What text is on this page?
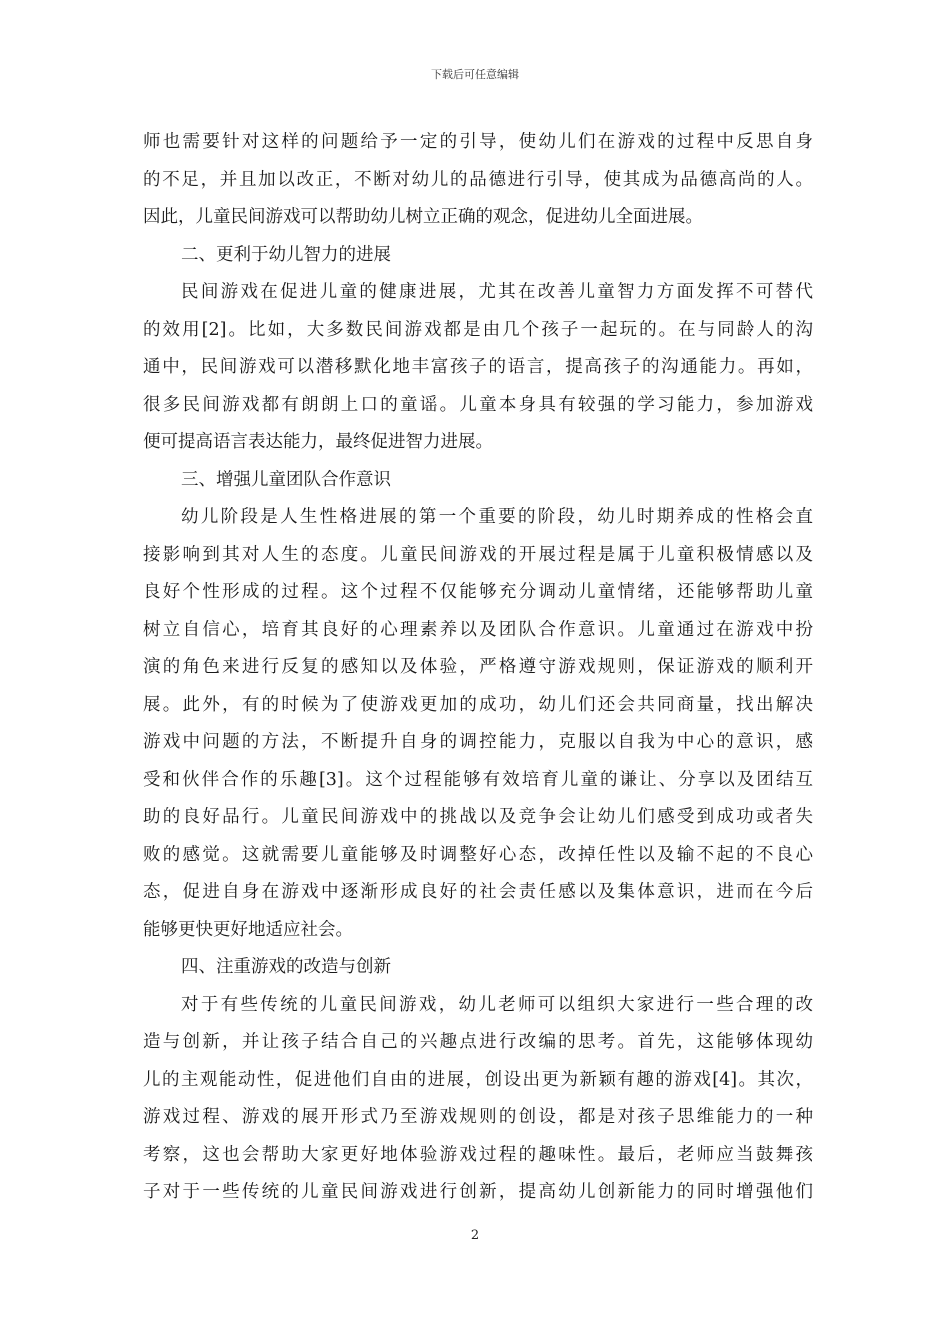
下载后可任意编辑
师也需要针对这样的问题给予一定的引导，使幼儿们在游戏的过程中反思自身
的不足，并且加以改正，不断对幼儿的品德进行引导，使其成为品德高尚的人。
因此，儿童民间游戏可以帮助幼儿树立正确的观念，促进幼儿全面进展。
二、更利于幼儿智力的进展
民间游戏在促进儿童的健康进展，尤其在改善儿童智力方面发挥不可替代
的效用[2]。比如，大多数民间游戏都是由几个孩子一起玩的。在与同龄人的沟
通中，民间游戏可以潜移默化地丰富孩子的语言，提高孩子的沟通能力。再如，
很多民间游戏都有朗朗上口的童谣。儿童本身具有较强的学习能力，参加游戏
便可提高语言表达能力，最终促进智力进展。
三、增强儿童团队合作意识
幼儿阶段是人生性格进展的第一个重要的阶段，幼儿时期养成的性格会直
接影响到其对人生的态度。儿童民间游戏的开展过程是属于儿童积极情感以及
良好个性形成的过程。这个过程不仅能够充分调动儿童情绪，还能够帮助儿童
树立自信心，培育其良好的心理素养以及团队合作意识。儿童通过在游戏中扮
演的角色来进行反复的感知以及体验，严格遵守游戏规则，保证游戏的顺利开
展。此外，有的时候为了使游戏更加的成功，幼儿们还会共同商量，找出解决
游戏中问题的方法，不断提升自身的调控能力，克服以自我为中心的意识，感
受和伙伴合作的乐趣[3]。这个过程能够有效培育儿童的谦让、分享以及团结互
助的良好品行。儿童民间游戏中的挑战以及竞争会让幼儿们感受到成功或者失
败的感觉。这就需要儿童能够及时调整好心态，改掉任性以及输不起的不良心
态，促进自身在游戏中逐渐形成良好的社会责任感以及集体意识，进而在今后
能够更快更好地适应社会。
四、注重游戏的改造与创新
对于有些传统的儿童民间游戏，幼儿老师可以组织大家进行一些合理的改
造与创新，并让孩子结合自己的兴趣点进行改编的思考。首先，这能够体现幼
儿的主观能动性，促进他们自由的进展，创设出更为新颖有趣的游戏[4]。其次，
游戏过程、游戏的展开形式乃至游戏规则的创设，都是对孩子思维能力的一种
考察，这也会帮助大家更好地体验游戏过程的趣味性。最后，老师应当鼓舞孩
子对于一些传统的儿童民间游戏进行创新，提高幼儿创新能力的同时增强他们
2
